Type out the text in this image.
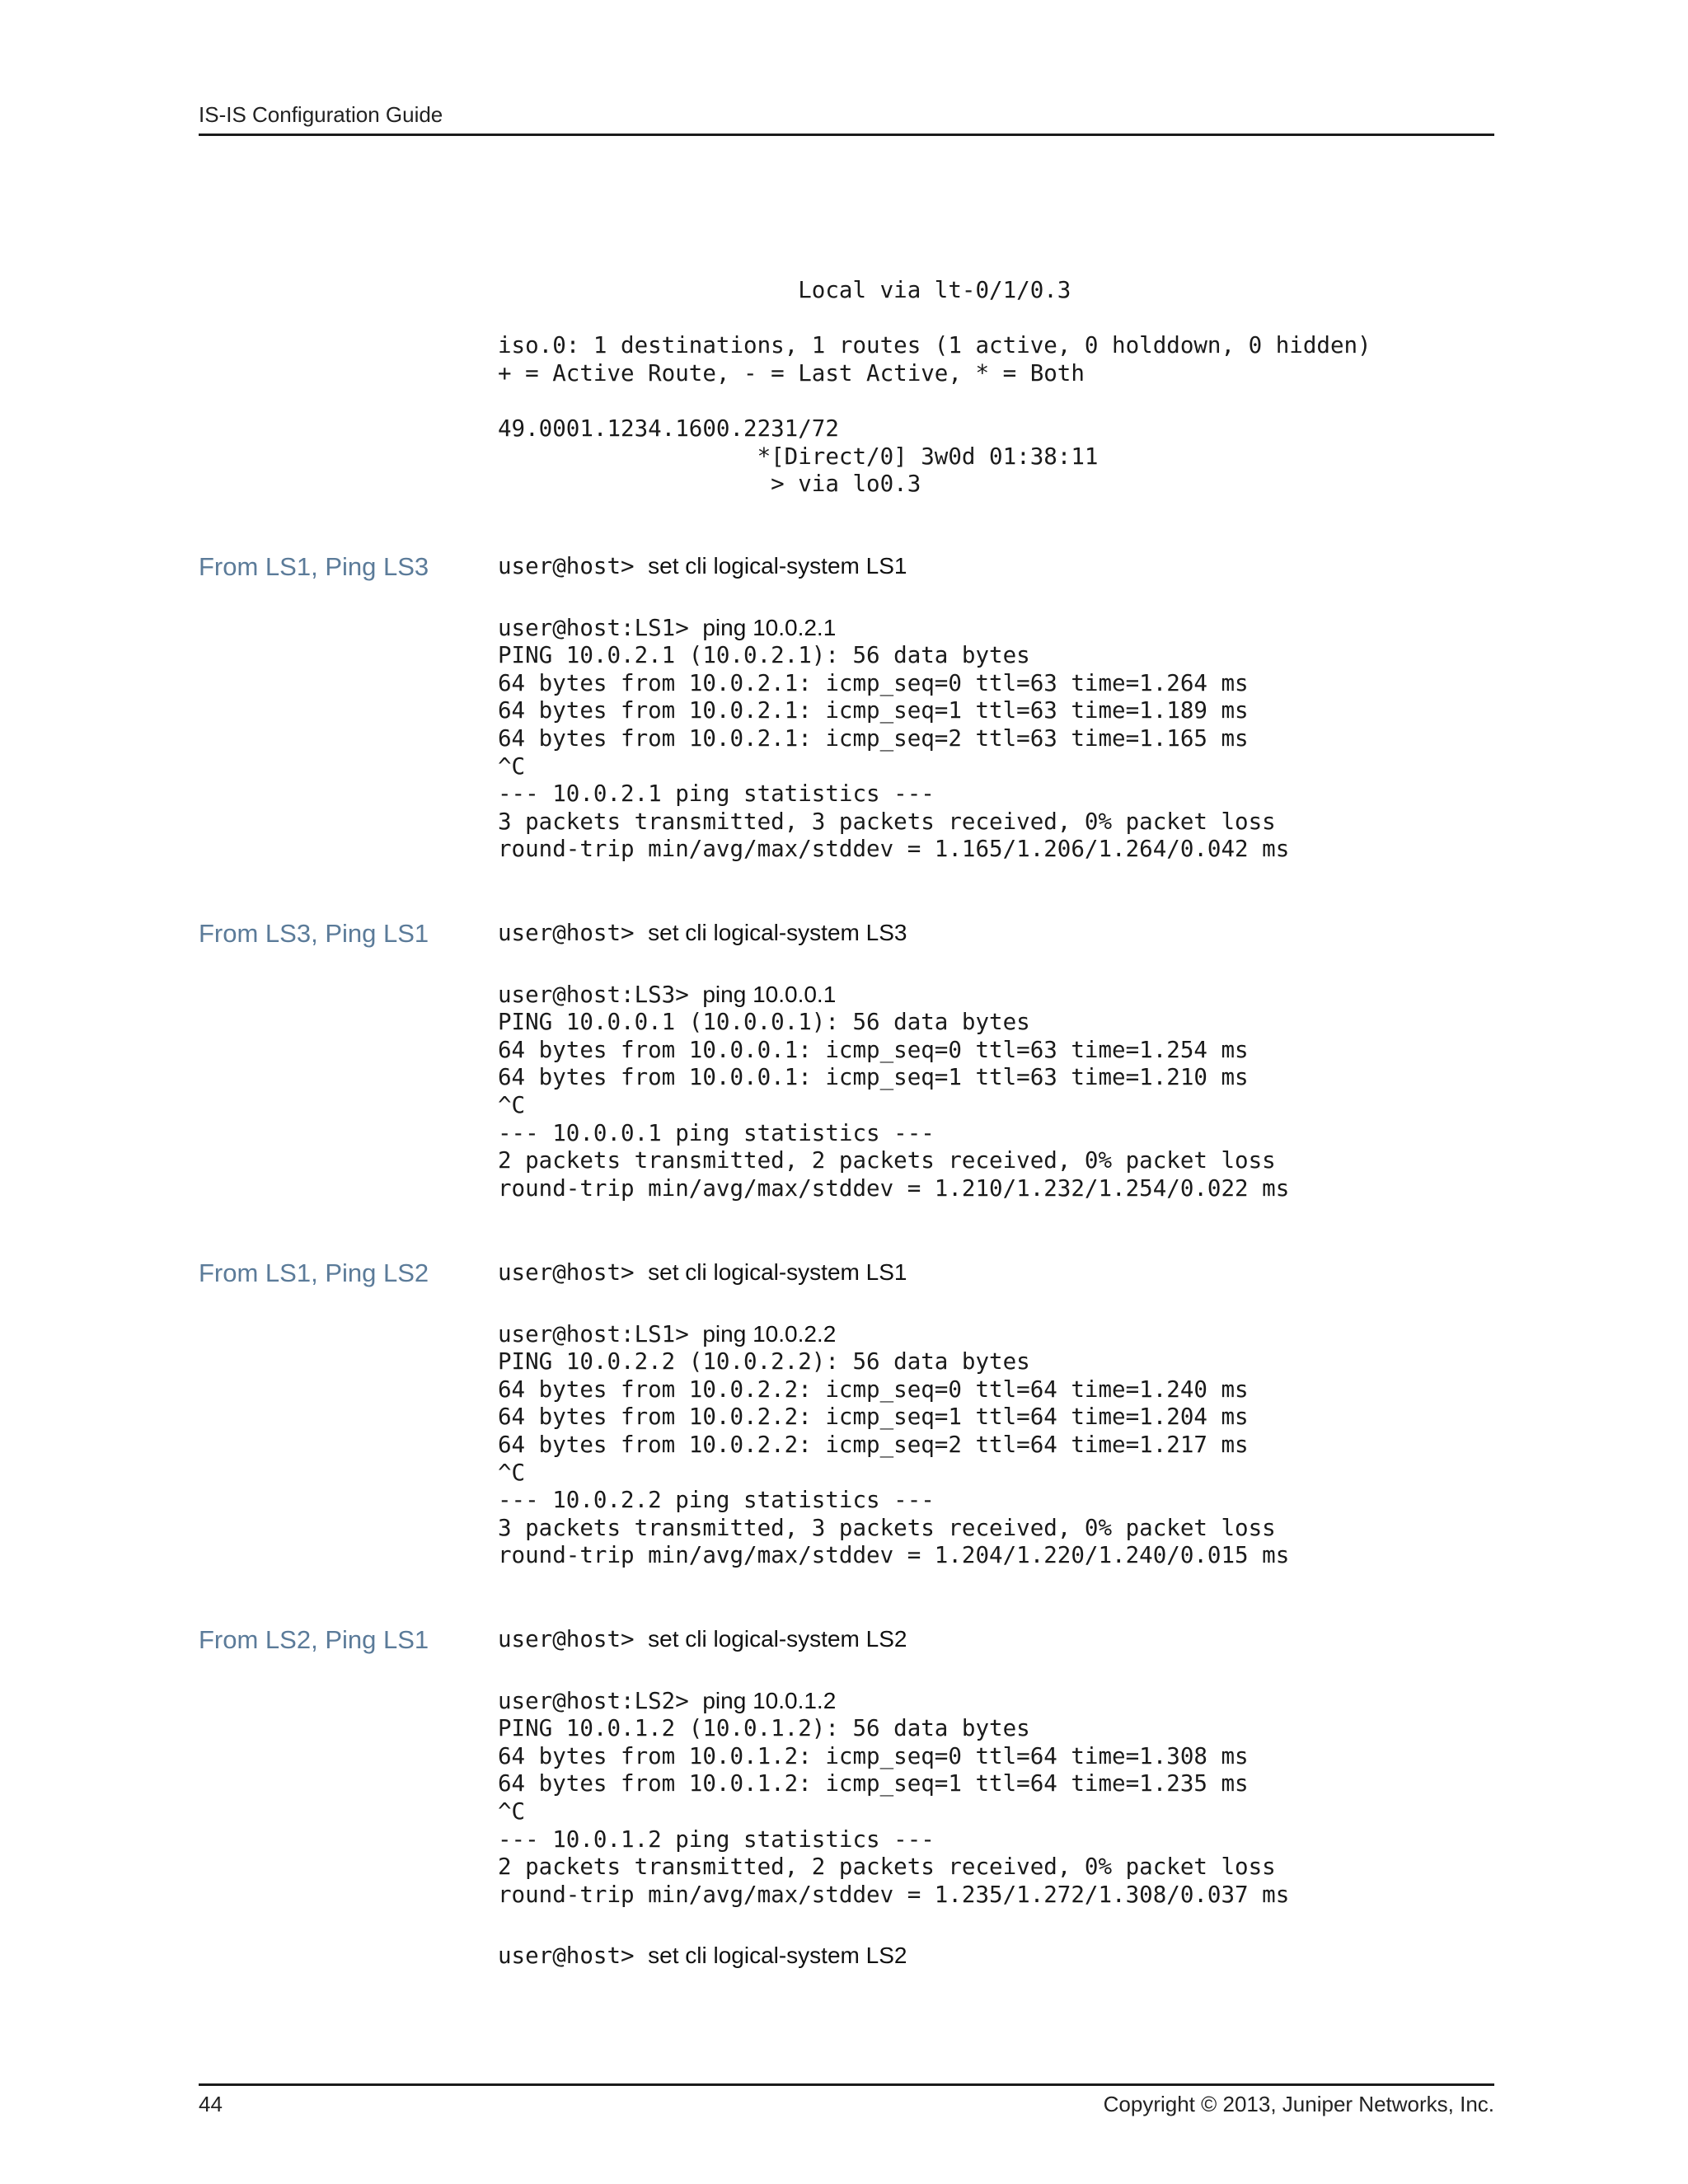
IS-IS Configuration Guide
Local via lt-0/1/0.3

iso.0: 1 destinations, 1 routes (1 active, 0 holddown, 0 hidden)
+ = Active Route, - = Last Active, * = Both

49.0001.1234.1600.2231/72
*[Direct/0] 3w0d 01:38:11
> via lo0.3
From LS1, Ping LS3	user@host> set cli logical-system LS1
user@host:LS1> ping 10.0.2.1
PING 10.0.2.1 (10.0.2.1): 56 data bytes
64 bytes from 10.0.2.1: icmp_seq=0 ttl=63 time=1.264 ms
64 bytes from 10.0.2.1: icmp_seq=1 ttl=63 time=1.189 ms
64 bytes from 10.0.2.1: icmp_seq=2 ttl=63 time=1.165 ms
^C
--- 10.0.2.1 ping statistics ---
3 packets transmitted, 3 packets received, 0% packet loss
round-trip min/avg/max/stddev = 1.165/1.206/1.264/0.042 ms
From LS3, Ping LS1	user@host> set cli logical-system LS3
user@host:LS3> ping 10.0.0.1
PING 10.0.0.1 (10.0.0.1): 56 data bytes
64 bytes from 10.0.0.1: icmp_seq=0 ttl=63 time=1.254 ms
64 bytes from 10.0.0.1: icmp_seq=1 ttl=63 time=1.210 ms
^C
--- 10.0.0.1 ping statistics ---
2 packets transmitted, 2 packets received, 0% packet loss
round-trip min/avg/max/stddev = 1.210/1.232/1.254/0.022 ms
From LS1, Ping LS2	user@host> set cli logical-system LS1
user@host:LS1> ping 10.0.2.2
PING 10.0.2.2 (10.0.2.2): 56 data bytes
64 bytes from 10.0.2.2: icmp_seq=0 ttl=64 time=1.240 ms
64 bytes from 10.0.2.2: icmp_seq=1 ttl=64 time=1.204 ms
64 bytes from 10.0.2.2: icmp_seq=2 ttl=64 time=1.217 ms
^C
--- 10.0.2.2 ping statistics ---
3 packets transmitted, 3 packets received, 0% packet loss
round-trip min/avg/max/stddev = 1.204/1.220/1.240/0.015 ms
From LS2, Ping LS1	user@host> set cli logical-system LS2
user@host:LS2> ping 10.0.1.2
PING 10.0.1.2 (10.0.1.2): 56 data bytes
64 bytes from 10.0.1.2: icmp_seq=0 ttl=64 time=1.308 ms
64 bytes from 10.0.1.2: icmp_seq=1 ttl=64 time=1.235 ms
^C
--- 10.0.1.2 ping statistics ---
2 packets transmitted, 2 packets received, 0% packet loss
round-trip min/avg/max/stddev = 1.235/1.272/1.308/0.037 ms
user@host> set cli logical-system LS2
44	Copyright © 2013, Juniper Networks, Inc.
